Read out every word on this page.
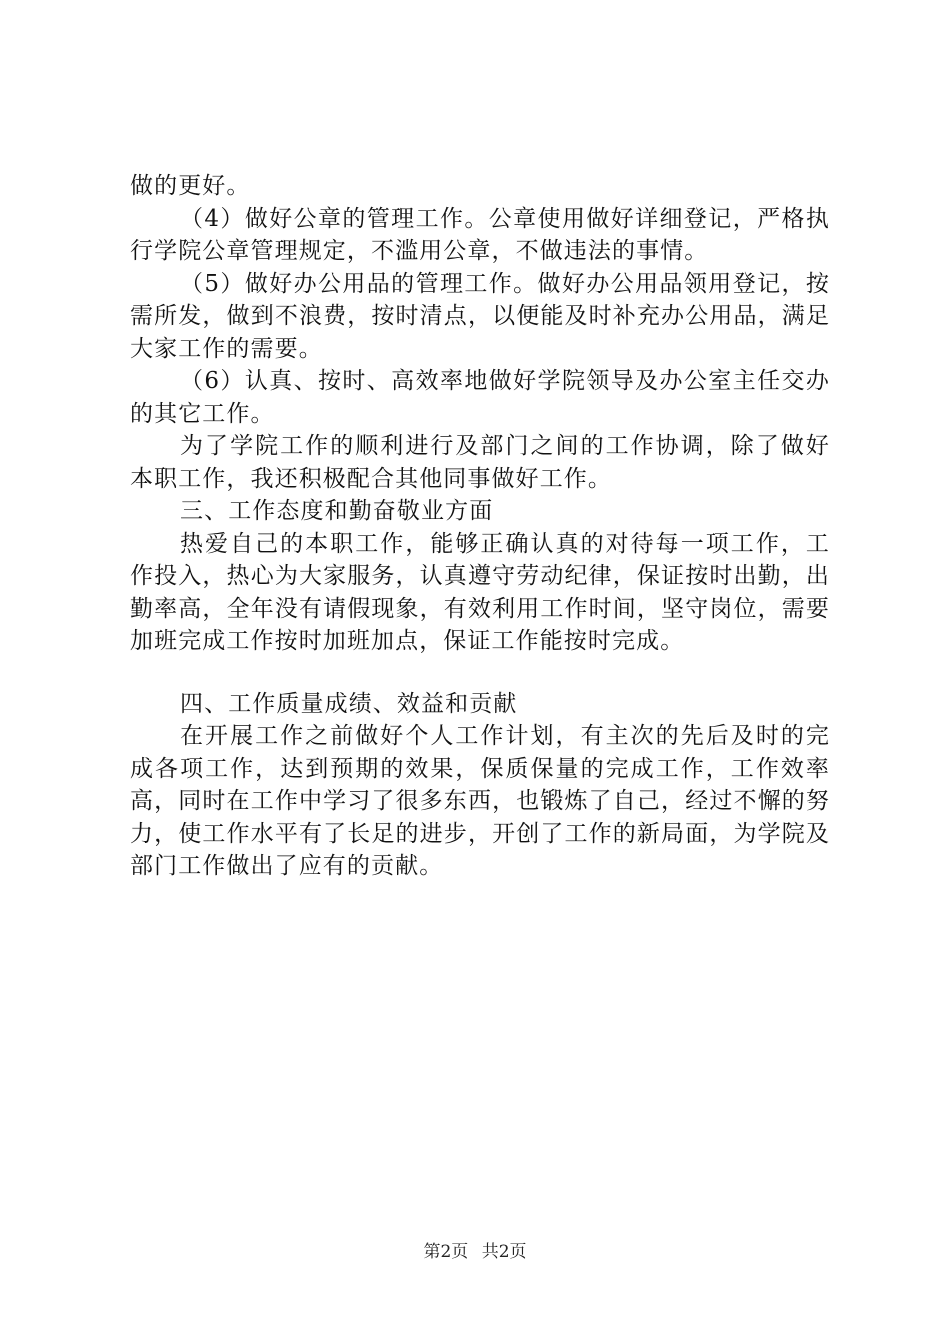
做的更好。

（4）做好公章的管理工作。公章使用做好详细登记，严格执行学院公章管理规定，不滥用公章，不做违法的事情。

（5）做好办公用品的管理工作。做好办公用品领用登记，按需所发，做到不浪费，按时清点，以便能及时补充办公用品，满足大家工作的需要。

（6）认真、按时、高效率地做好学院领导及办公室主任交办的其它工作。

为了学院工作的顺利进行及部门之间的工作协调，除了做好本职工作，我还积极配合其他同事做好工作。

三、工作态度和勤奋敬业方面

热爱自己的本职工作，能够正确认真的对待每一项工作，工作投入，热心为大家服务，认真遵守劳动纪律，保证按时出勤，出勤率高，全年没有请假现象，有效利用工作时间，坚守岗位，需要加班完成工作按时加班加点，保证工作能按时完成。

四、工作质量成绩、效益和贡献

在开展工作之前做好个人工作计划，有主次的先后及时的完成各项工作，达到预期的效果，保质保量的完成工作，工作效率高，同时在工作中学习了很多东西，也锻炼了自己，经过不懈的努力，使工作水平有了长足的进步，开创了工作的新局面，为学院及部门工作做出了应有的贡献。

第2页 共2页
